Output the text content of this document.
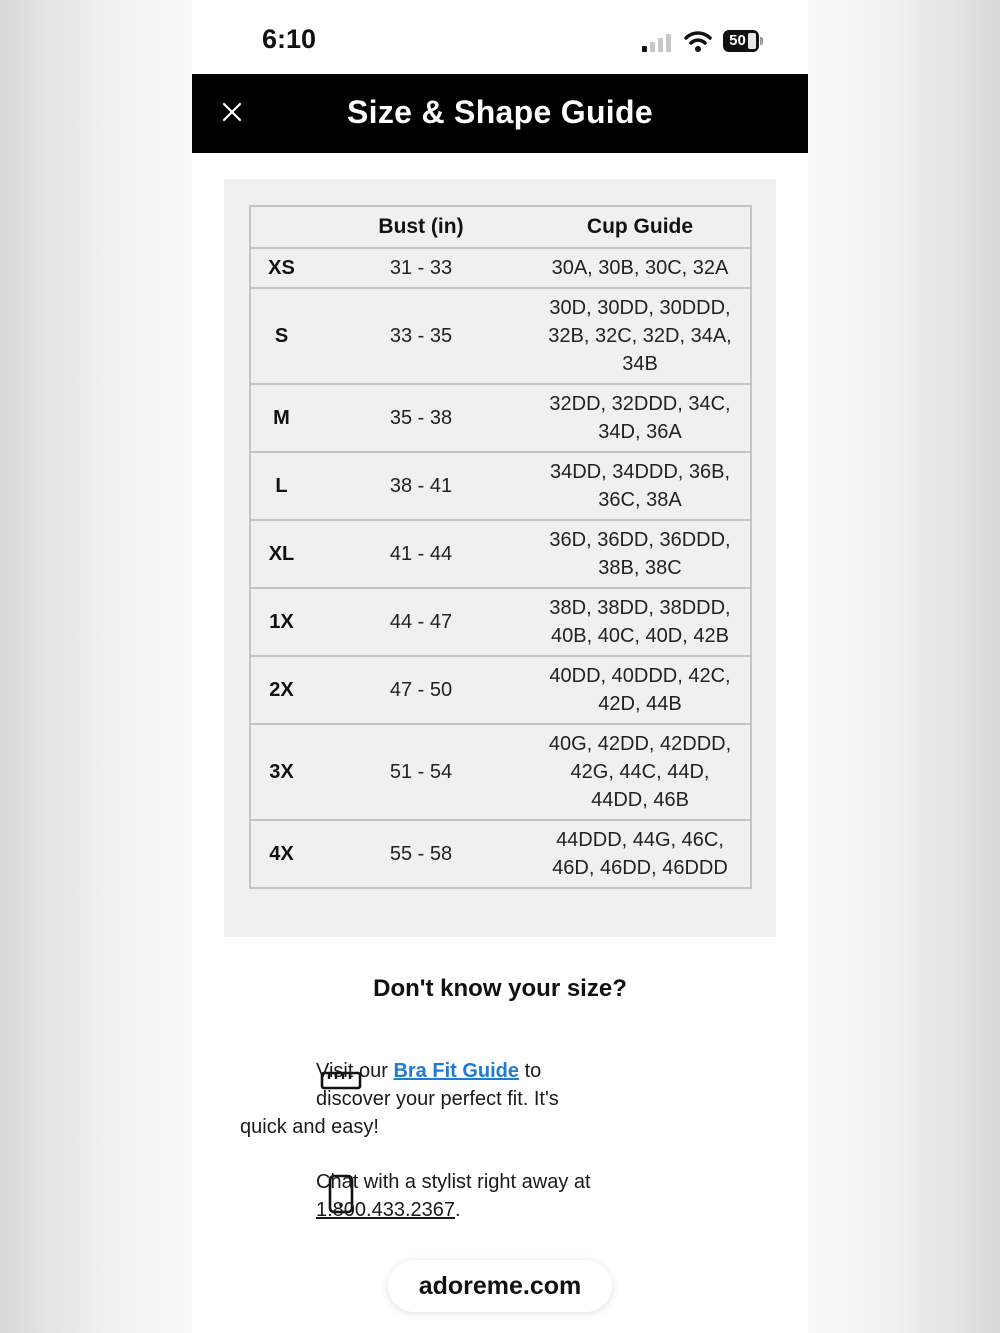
6:10	50
Size & Shape Guide
	Bust (in)	Cup Guide
XS	31 - 33	30A, 30B, 30C, 32A

S	33 - 35	30D, 30DD, 30DDD,
32B, 32C, 32D, 34A,
34B

M	35 - 38	32DD, 32DDD, 34C,
34D, 36A

L	38 - 41	34DD, 34DDD, 36B,
36C, 38A

XL	41 - 44	36D, 36DD, 36DDD,
38B, 38C

1X	44 - 47	38D, 38DD, 38DDD,
40B, 40C, 40D, 42B

2X	47 - 50	40DD, 40DDD, 42C,
42D, 44B

3X	51 - 54	40G, 42DD, 42DDD,
42G, 44C, 44D,
44DD, 46B

4X	55 - 58	44DDD, 44G, 46C,
46D, 46DD, 46DDD
Don't know your size?
Visit our Bra Fit Guide to discover your perfect fit. It's
quick and easy!
Chat with a stylist right away at 1.800.433.2367.
adoreme.com
